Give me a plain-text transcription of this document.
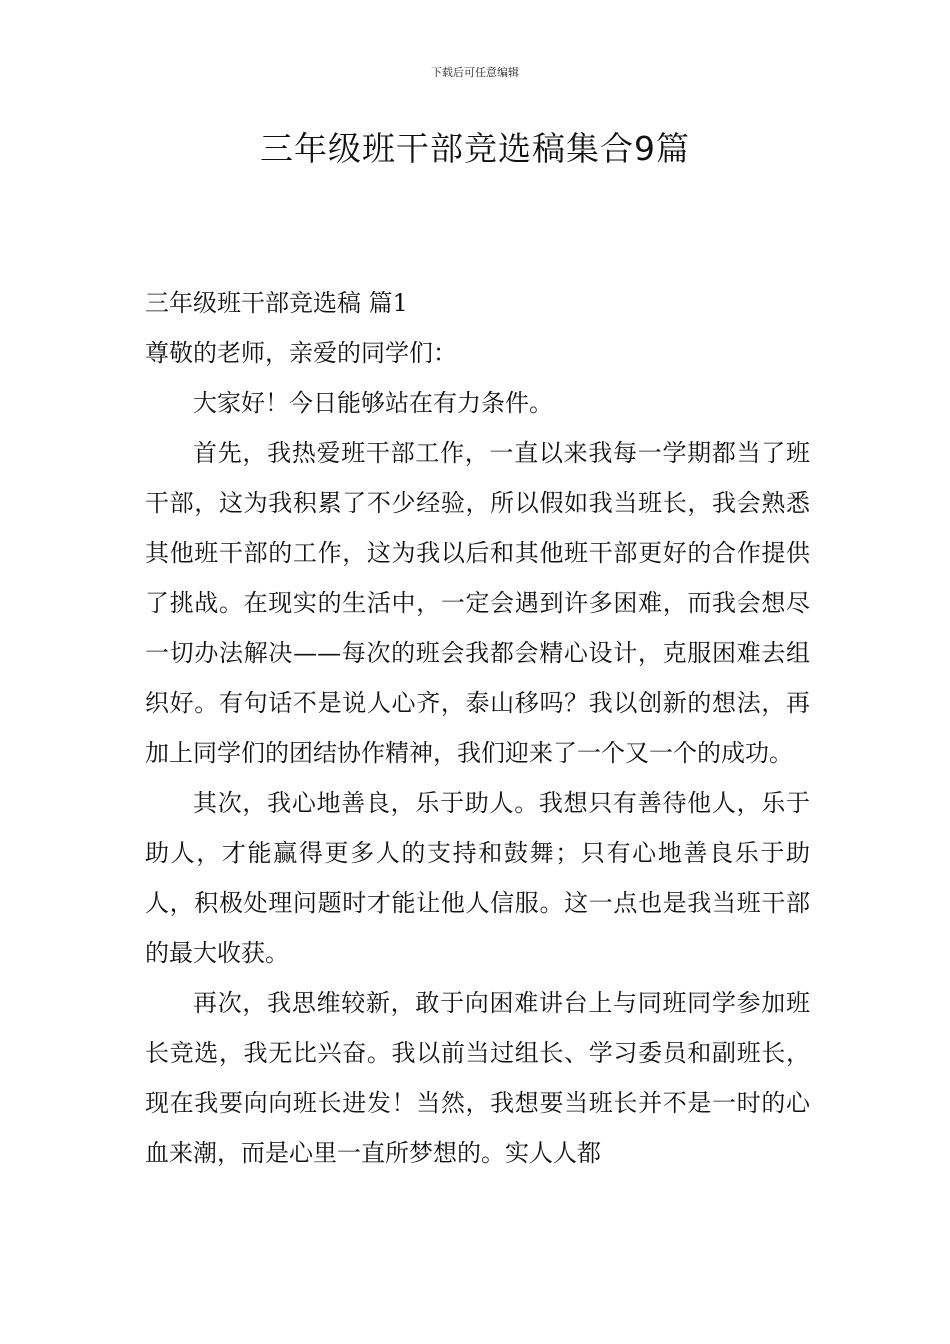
下载后可任意编辑
三年级班干部竞选稿集合9篇

三年级班干部竞选稿 篇1

尊敬的老师，亲爱的同学们：

大家好！今日能够站在有力条件。

首先，我热爱班干部工作，一直以来我每一学期都当了班干部，这为我积累了不少经验，所以假如我当班长，我会熟悉其他班干部的工作，这为我以后和其他班干部更好的合作提供了挑战。在现实的生活中，一定会遇到许多困难，而我会想尽一切办法解决——每次的班会我都会精心设计，克服困难去组织好。有句话不是说人心齐，泰山移吗？我以创新的想法，再加上同学们的团结协作精神，我们迎来了一个又一个的成功。

其次，我心地善良，乐于助人。我想只有善待他人，乐于助人，才能赢得更多人的支持和鼓舞；只有心地善良乐于助人，积极处理问题时才能让他人信服。这一点也是我当班干部的最大收获。

再次，我思维较新，敢于向困难讲台上与同班同学参加班长竞选，我无比兴奋。我以前当过组长、学习委员和副班长，现在我要向向班长进发！当然，我想要当班长并不是一时的心血来潮，而是心里一直所梦想的。实人人都
